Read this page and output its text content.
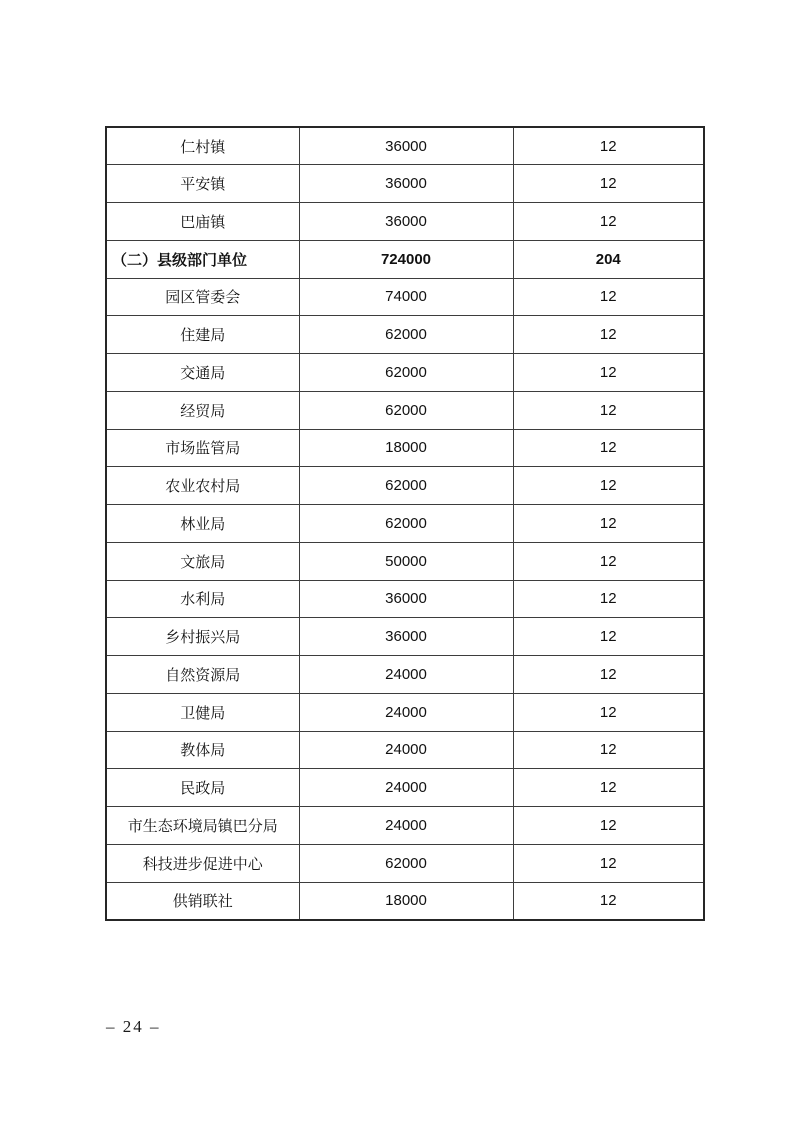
仁村镇	36000	12
平安镇	36000	12
巴庙镇	36000	12
（二）县级部门单位	724000	204
园区管委会	74000	12
住建局	62000	12
交通局	62000	12
经贸局	62000	12
市场监管局	18000	12
农业农村局	62000	12
林业局	62000	12
文旅局	50000	12
水利局	36000	12
乡村振兴局	36000	12
自然资源局	24000	12
卫健局	24000	12
教体局	24000	12
民政局	24000	12
市生态环境局镇巴分局	24000	12
科技进步促进中心	62000	12
供销联社	18000	12
– 24 –
